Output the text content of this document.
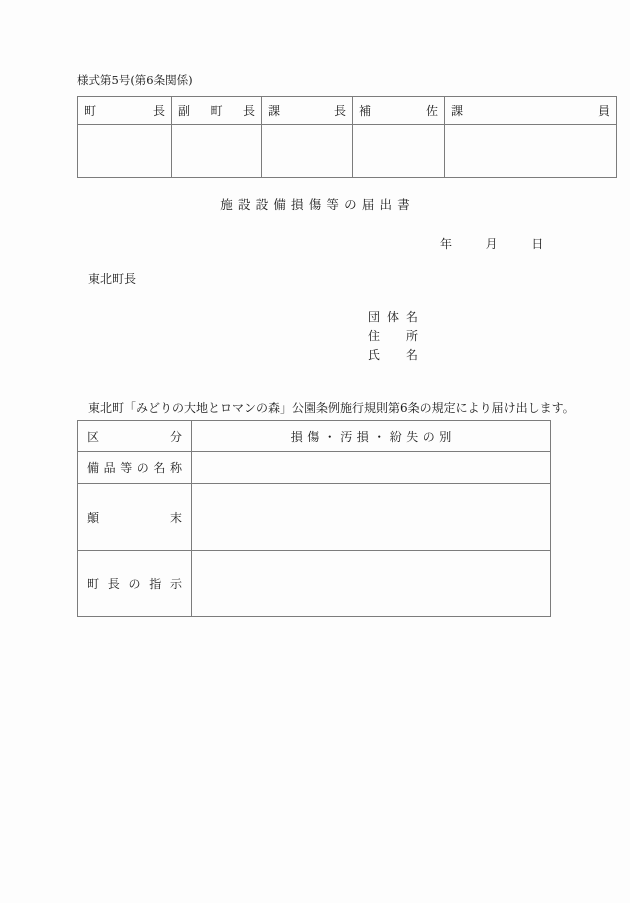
様式第5号(第6条関係)
町 長	副 町 長	課 長	補 佐	課 員

施設設備損傷等の届出書
年	月	日
東北町長
団 体 名
住 所
氏 名
東北町「みどりの大地とロマンの森」公園条例施行規則第6条の規定により届け出します。
区 分	損傷・汚損・紛失の別

備 品 等 の 名 称

顛 末	

町 長 の 指 示	
